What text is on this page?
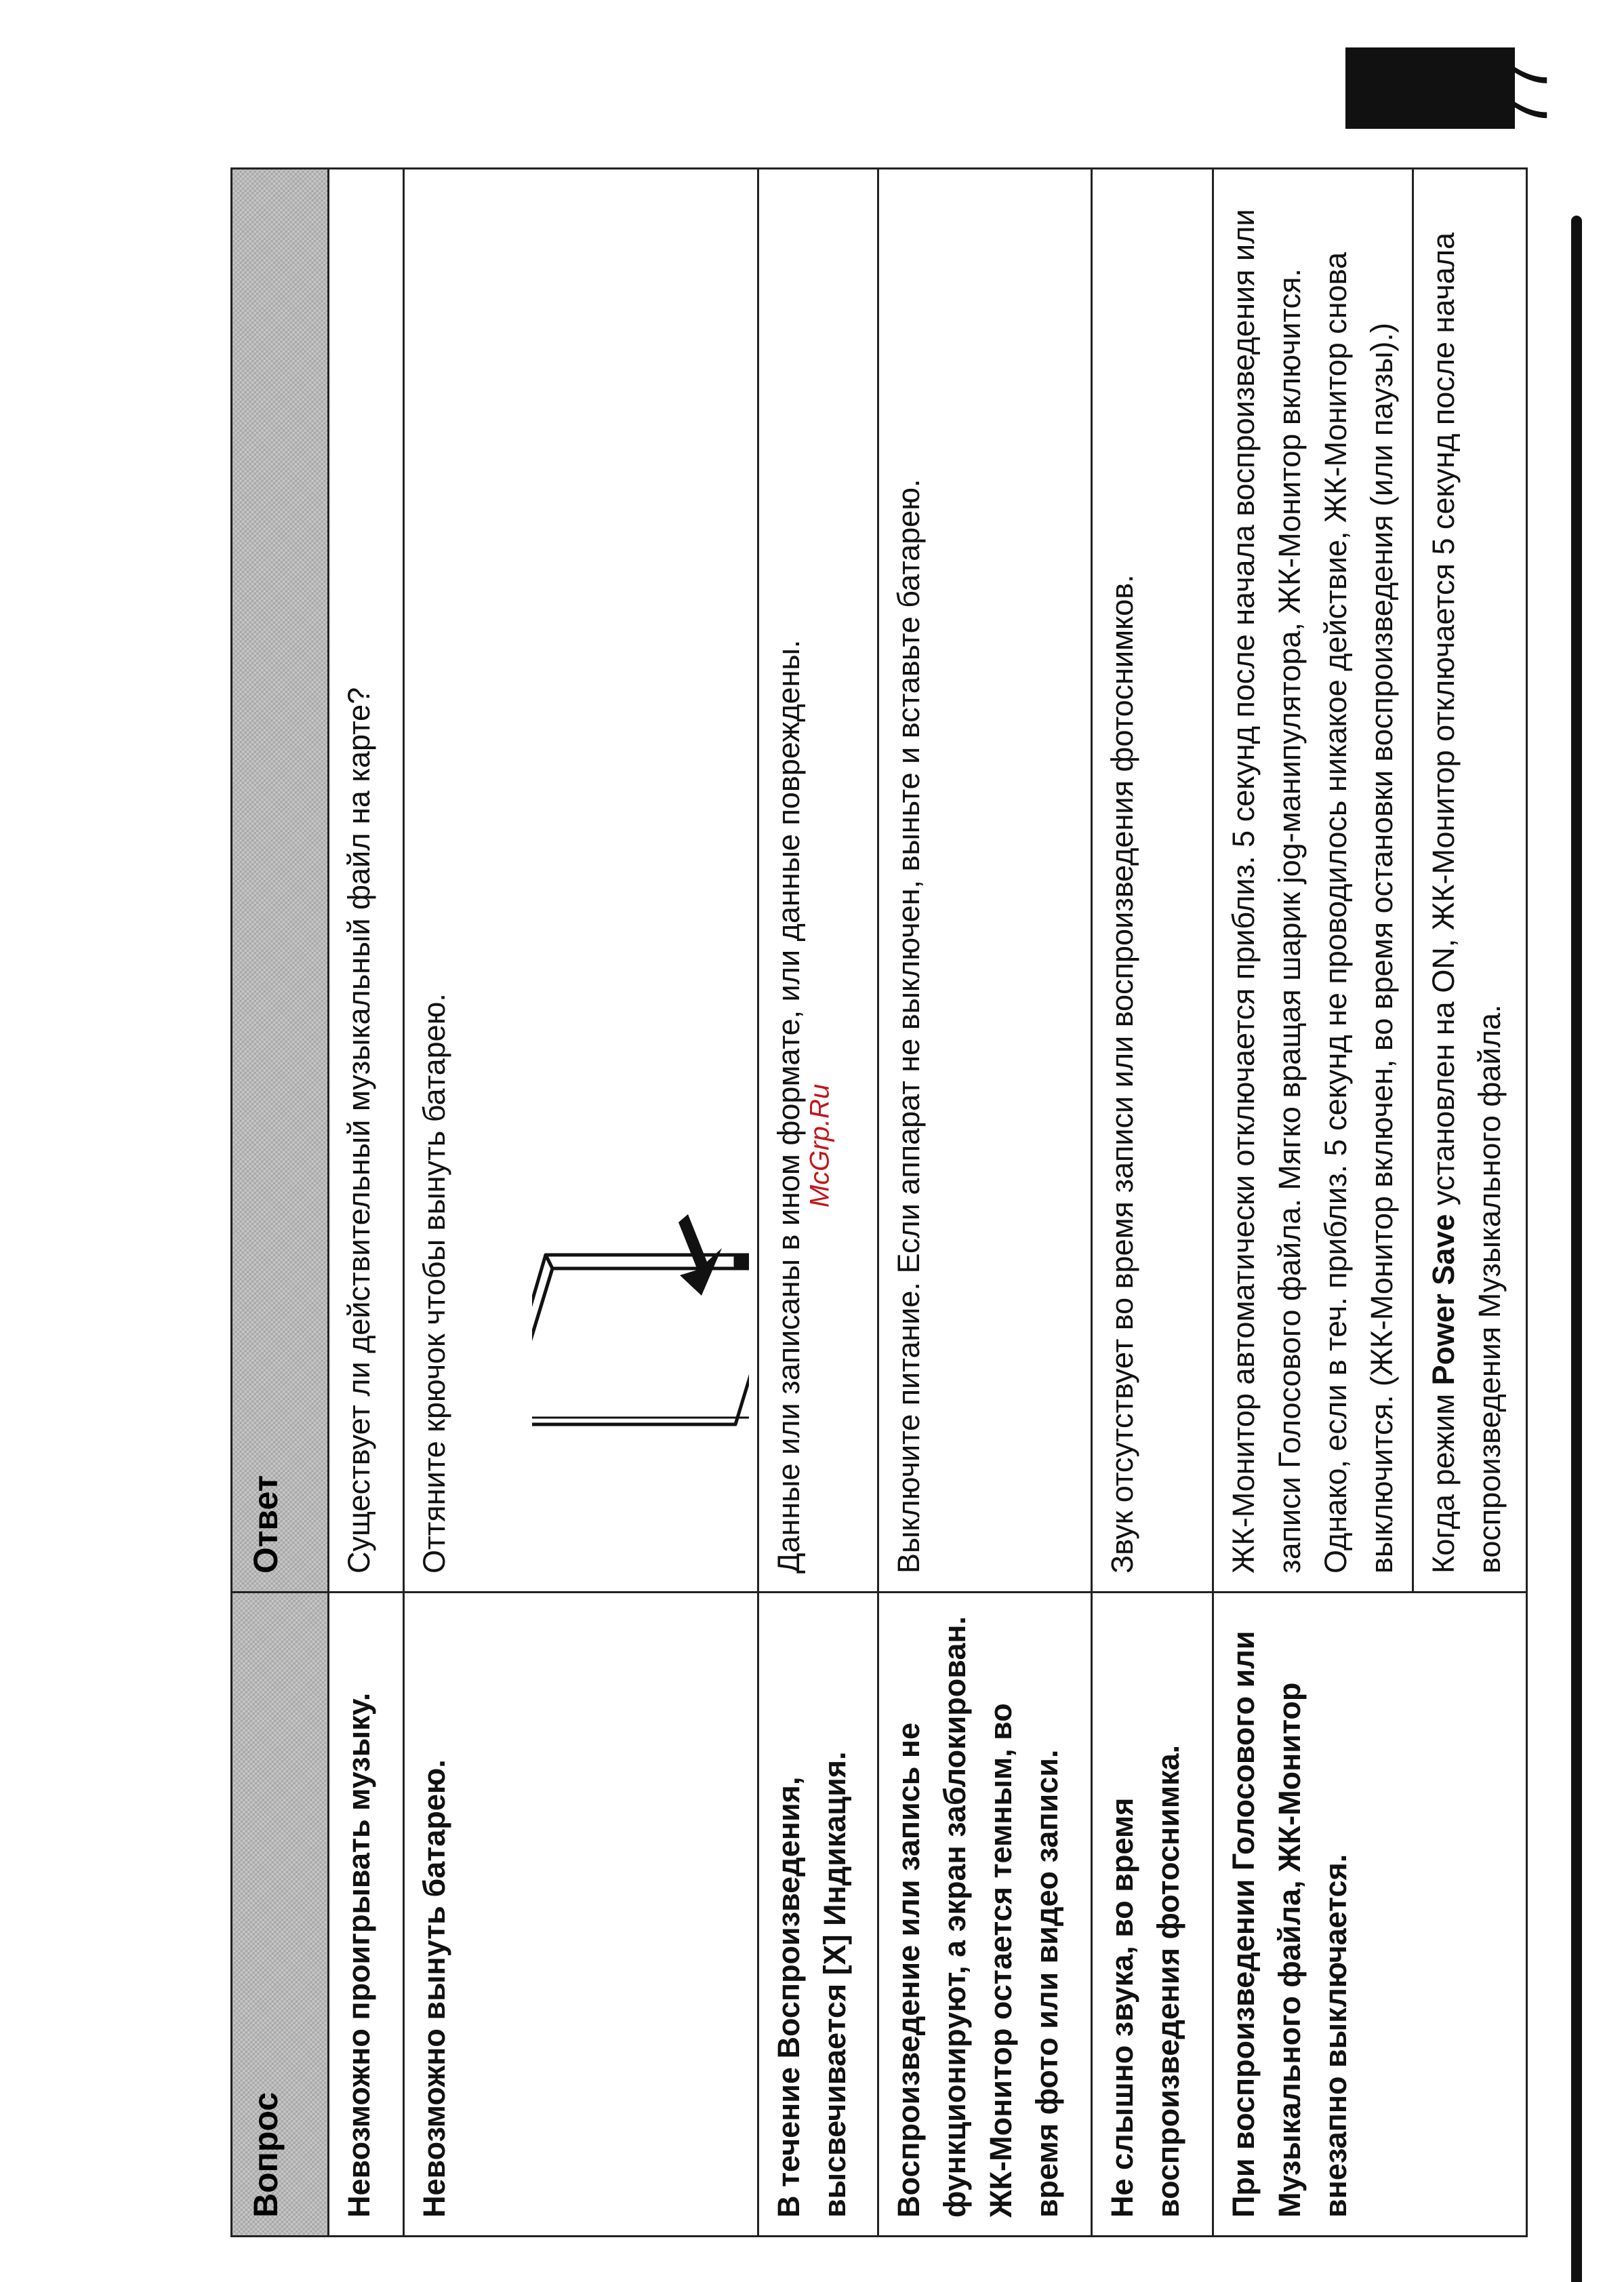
77
Вопрос	Ответ
Невозможно проигрывать музыку.	Существует ли действительный музыкальный файл на карте?
Невозможно вынуть батарею.	Оттяните крючок чтобы вынуть батарею.

В течение Воспроизведения, высвечивается [X] Индикация.	Данные или записаны в ином формате, или данные повреждены.
Воспроизведение или запись не функционируют, а экран заблокирован. ЖК-Монитор остается темным, во время фото или видео записи.	Выключите питание. Если аппарат не выключен, выньте и вставьте батарею.
Не слышно звука, во время воспроизведения фотоснимка.	Звук отсутствует во время записи или воспроизведения фотоснимков.
При воспроизведении Голосового или Музыкального файла, ЖК-Монитор внезапно выключается.	ЖК-Монитор автоматически отключается приблиз. 5 секунд после начала воспроизведения или записи Голосового файла. Мягко вращая шарик jog-манипулятора, ЖК-Монитор включится. Однако, если в теч. приблиз. 5 секунд не проводилось никакое действие, ЖК-Монитор снова выключится. (ЖК-Монитор включен, во время остановки воспроизведения (или паузы).) Когда режим Power Save установлен на ON, ЖК-Монитор отключается 5 секунд после начала воспроизведения Музыкального файла.
McGrp.Ru
